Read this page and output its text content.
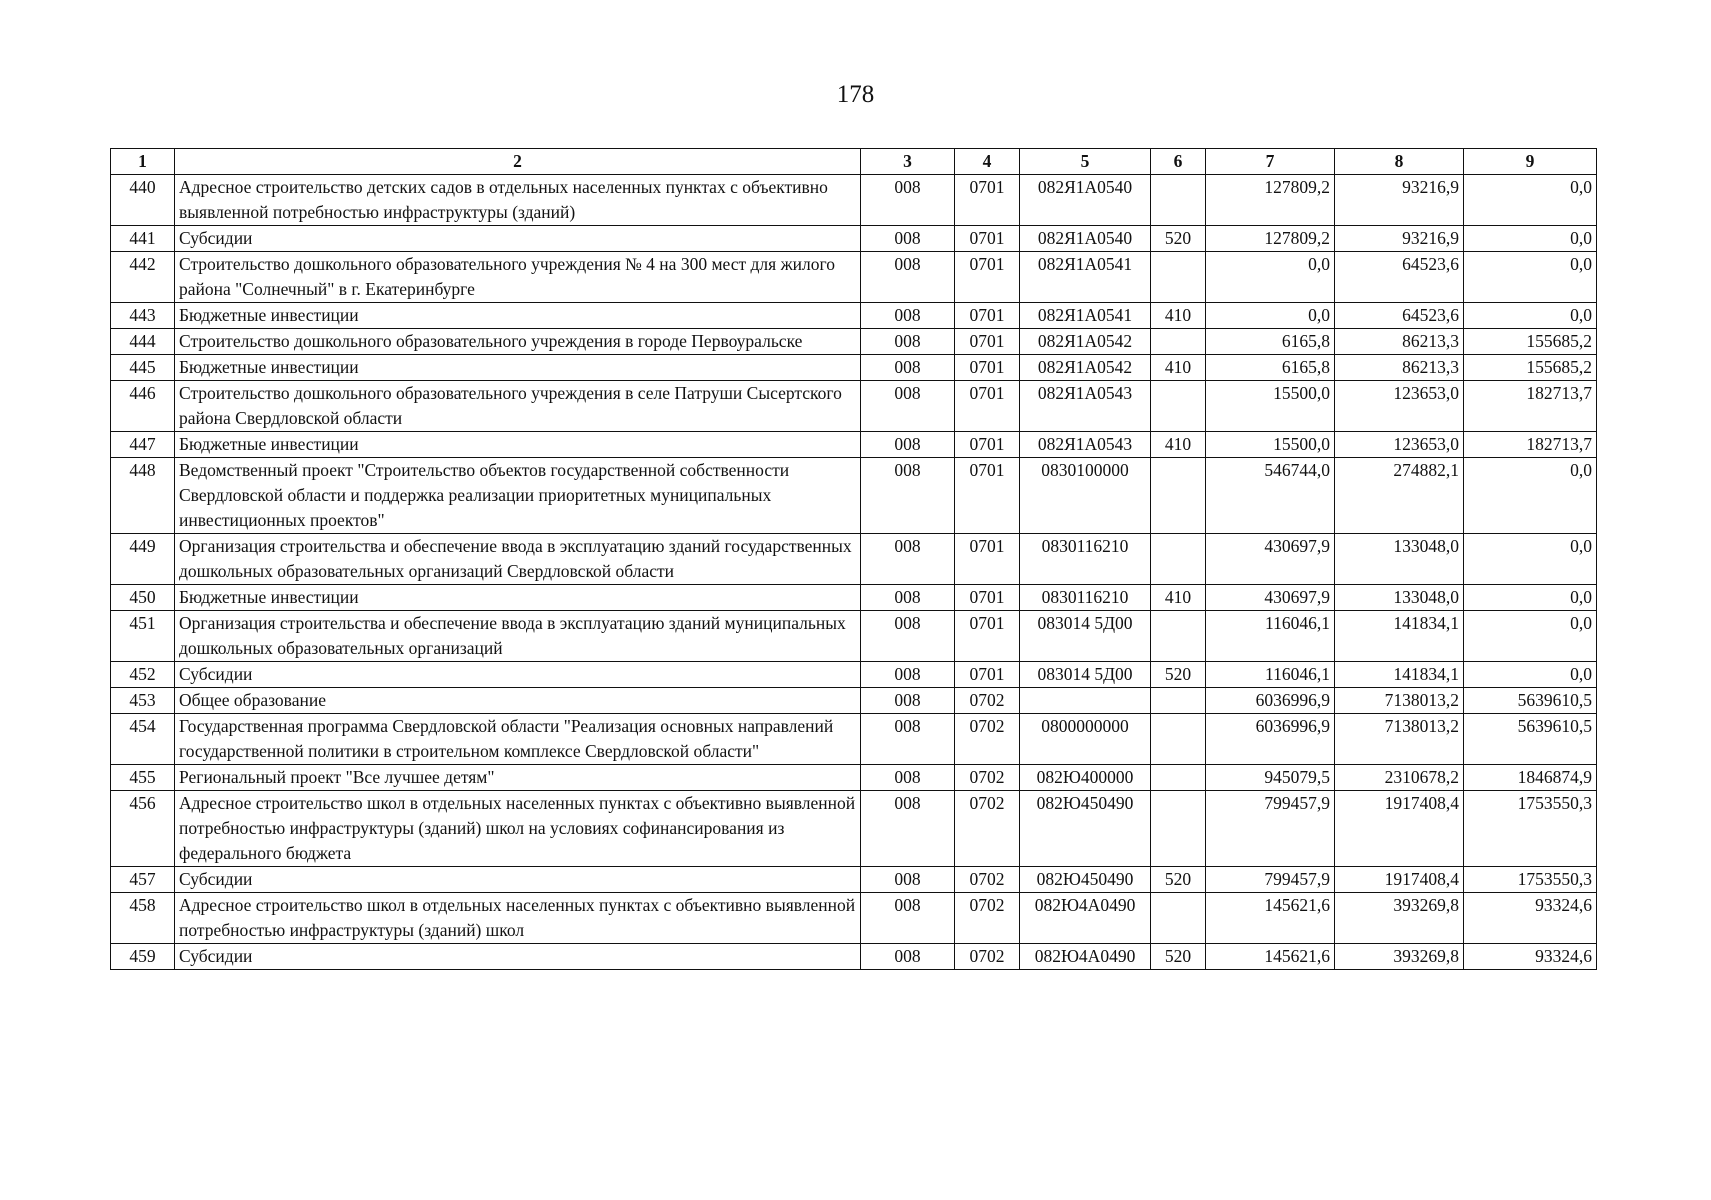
178
1	2	3	4	5	6	7	8	9
440	Адресное строительство детских садов в отдельных населенных пунктах с объективно выявленной потребностью инфраструктуры (зданий)	008	0701	082Я1А0540		127809,2	93216,9	0,0
441	Субсидии	008	0701	082Я1А0540	520	127809,2	93216,9	0,0
442	Строительство дошкольного образовательного учреждения № 4 на 300 мест для жилого района "Солнечный" в г. Екатеринбурге	008	0701	082Я1А0541		0,0	64523,6	0,0
443	Бюджетные инвестиции	008	0701	082Я1А0541	410	0,0	64523,6	0,0
444	Строительство дошкольного образовательного учреждения в городе Первоуральске	008	0701	082Я1А0542		6165,8	86213,3	155685,2
445	Бюджетные инвестиции	008	0701	082Я1А0542	410	6165,8	86213,3	155685,2
446	Строительство дошкольного образовательного учреждения в селе Патруши Сысертского района Свердловской области	008	0701	082Я1А0543		15500,0	123653,0	182713,7
447	Бюджетные инвестиции	008	0701	082Я1А0543	410	15500,0	123653,0	182713,7
448	Ведомственный проект "Строительство объектов государственной собственности Свердловской области и поддержка реализации приоритетных муниципальных инвестиционных проектов"	008	0701	0830100000		546744,0	274882,1	0,0
449	Организация строительства и обеспечение ввода в эксплуатацию зданий государственных дошкольных образовательных организаций Свердловской области	008	0701	0830116210		430697,9	133048,0	0,0
450	Бюджетные инвестиции	008	0701	0830116210	410	430697,9	133048,0	0,0
451	Организация строительства и обеспечение ввода в эксплуатацию зданий муниципальных дошкольных образовательных организаций	008	0701	083014 5Д00		116046,1	141834,1	0,0
452	Субсидии	008	0701	083014 5Д00	520	116046,1	141834,1	0,0
453	Общее образование	008	0702			6036996,9	7138013,2	5639610,5
454	Государственная программа Свердловской области "Реализация основных направлений государственной политики в строительном комплексе Свердловской области"	008	0702	0800000000		6036996,9	7138013,2	5639610,5
455	Региональный проект "Все лучшее детям"	008	0702	082Ю400000		945079,5	2310678,2	1846874,9
456	Адресное строительство школ в отдельных населенных пунктах с объективно выявленной потребностью инфраструктуры (зданий) школ на условиях софинансирования из федерального бюджета	008	0702	082Ю450490		799457,9	1917408,4	1753550,3
457	Субсидии	008	0702	082Ю450490	520	799457,9	1917408,4	1753550,3
458	Адресное строительство школ в отдельных населенных пунктах с объективно выявленной потребностью инфраструктуры (зданий) школ	008	0702	082Ю4А0490		145621,6	393269,8	93324,6
459	Субсидии	008	0702	082Ю4А0490	520	145621,6	393269,8	93324,6
